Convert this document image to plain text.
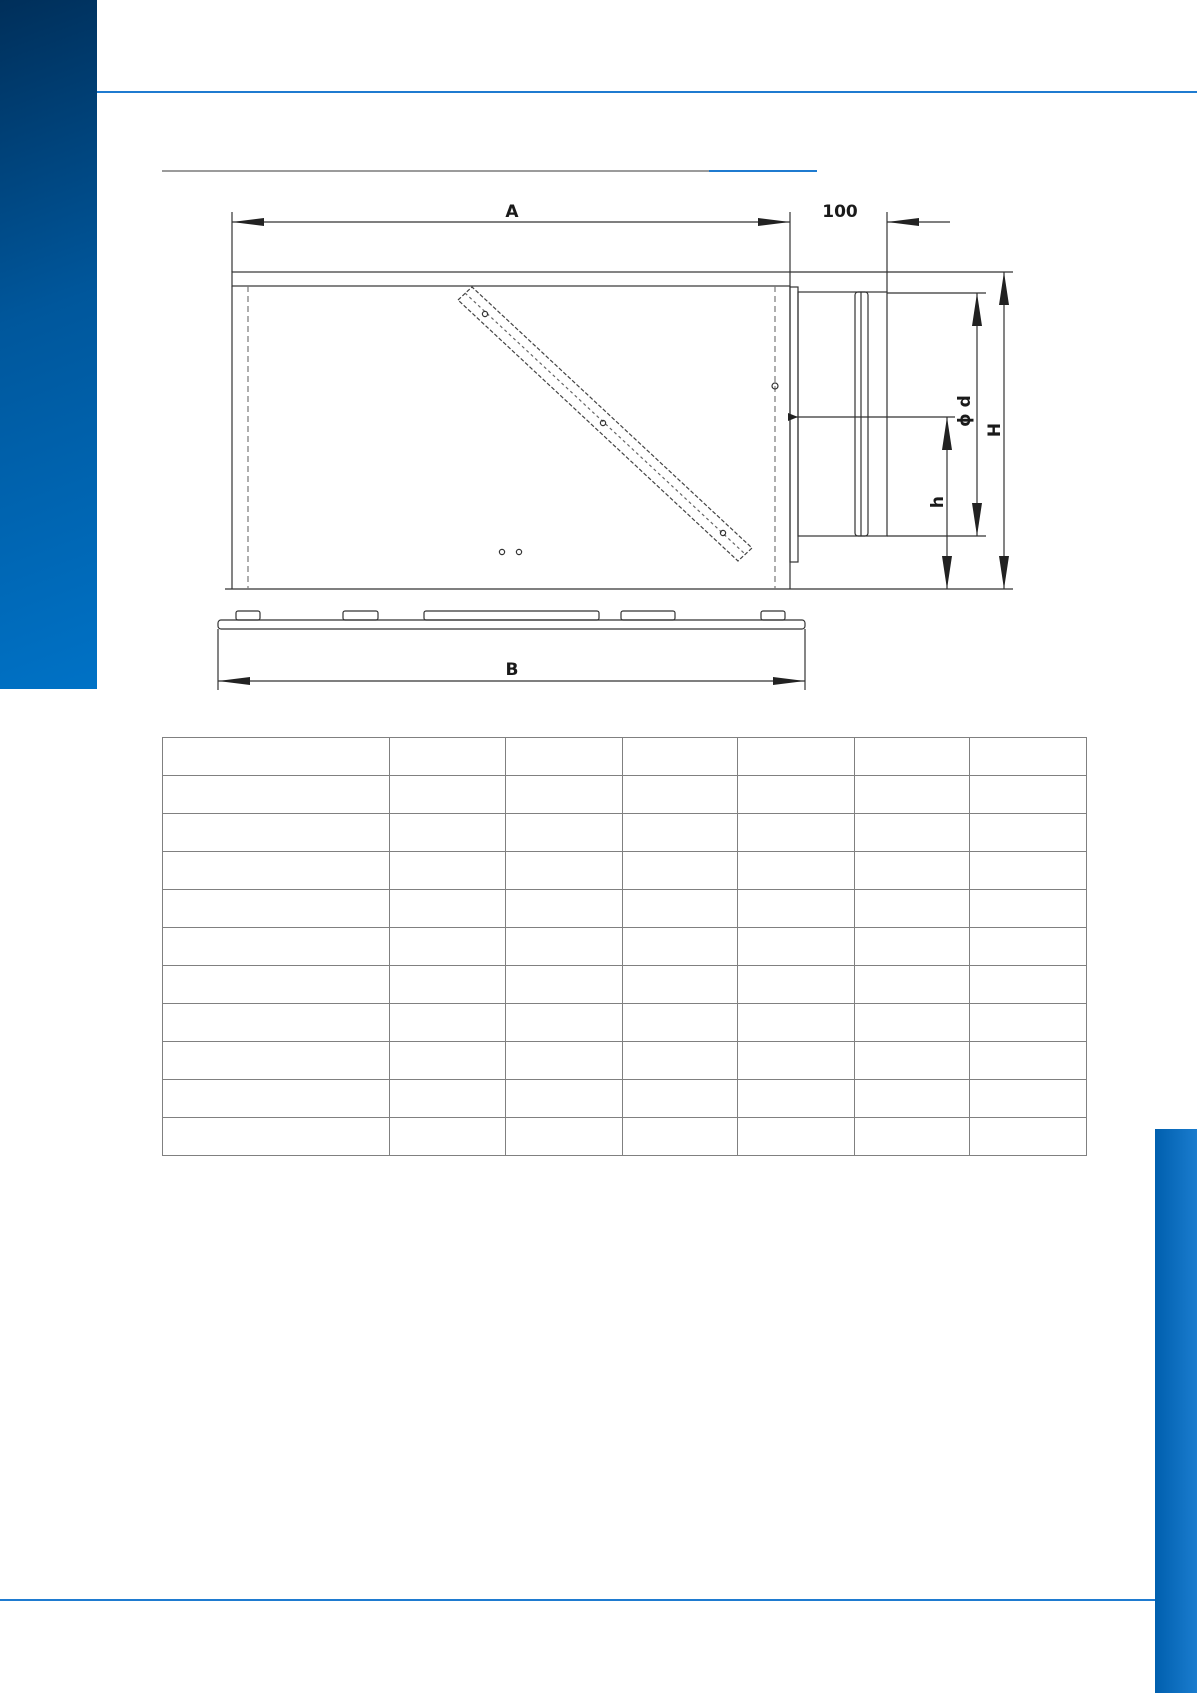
A	100
H
ϕ d
h
B
